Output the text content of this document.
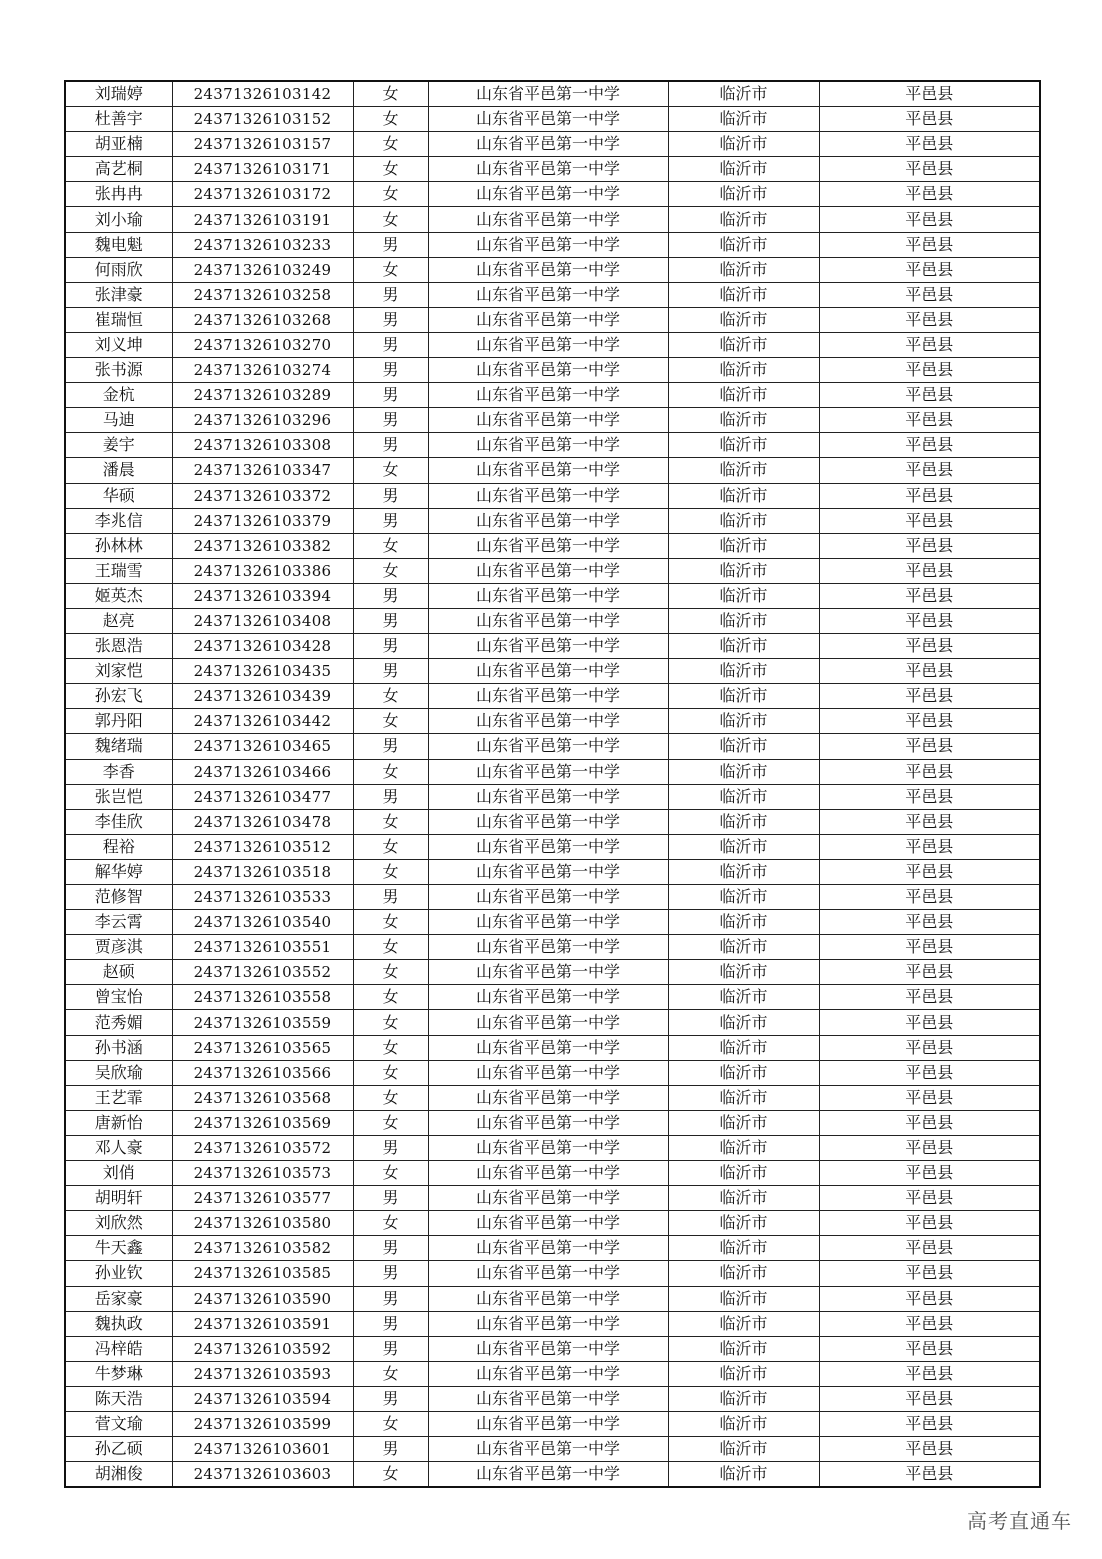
刘瑞婷	24371326103142	女	山东省平邑第一中学	临沂市	平邑县
杜善宇	24371326103152	女	山东省平邑第一中学	临沂市	平邑县
胡亚楠	24371326103157	女	山东省平邑第一中学	临沂市	平邑县
高艺桐	24371326103171	女	山东省平邑第一中学	临沂市	平邑县
张冉冉	24371326103172	女	山东省平邑第一中学	临沂市	平邑县
刘小瑜	24371326103191	女	山东省平邑第一中学	临沂市	平邑县
魏电魁	24371326103233	男	山东省平邑第一中学	临沂市	平邑县
何雨欣	24371326103249	女	山东省平邑第一中学	临沂市	平邑县
张津豪	24371326103258	男	山东省平邑第一中学	临沂市	平邑县
崔瑞恒	24371326103268	男	山东省平邑第一中学	临沂市	平邑县
刘义坤	24371326103270	男	山东省平邑第一中学	临沂市	平邑县
张书源	24371326103274	男	山东省平邑第一中学	临沂市	平邑县
金杭	24371326103289	男	山东省平邑第一中学	临沂市	平邑县
马迪	24371326103296	男	山东省平邑第一中学	临沂市	平邑县
姜宇	24371326103308	男	山东省平邑第一中学	临沂市	平邑县
潘晨	24371326103347	女	山东省平邑第一中学	临沂市	平邑县
华硕	24371326103372	男	山东省平邑第一中学	临沂市	平邑县
李兆信	24371326103379	男	山东省平邑第一中学	临沂市	平邑县
孙林林	24371326103382	女	山东省平邑第一中学	临沂市	平邑县
王瑞雪	24371326103386	女	山东省平邑第一中学	临沂市	平邑县
姬英杰	24371326103394	男	山东省平邑第一中学	临沂市	平邑县
赵亮	24371326103408	男	山东省平邑第一中学	临沂市	平邑县
张恩浩	24371326103428	男	山东省平邑第一中学	临沂市	平邑县
刘家恺	24371326103435	男	山东省平邑第一中学	临沂市	平邑县
孙宏飞	24371326103439	女	山东省平邑第一中学	临沂市	平邑县
郭丹阳	24371326103442	女	山东省平邑第一中学	临沂市	平邑县
魏绪瑞	24371326103465	男	山东省平邑第一中学	临沂市	平邑县
李香	24371326103466	女	山东省平邑第一中学	临沂市	平邑县
张岂恺	24371326103477	男	山东省平邑第一中学	临沂市	平邑县
李佳欣	24371326103478	女	山东省平邑第一中学	临沂市	平邑县
程裕	24371326103512	女	山东省平邑第一中学	临沂市	平邑县
解华婷	24371326103518	女	山东省平邑第一中学	临沂市	平邑县
范修智	24371326103533	男	山东省平邑第一中学	临沂市	平邑县
李云霄	24371326103540	女	山东省平邑第一中学	临沂市	平邑县
贾彦淇	24371326103551	女	山东省平邑第一中学	临沂市	平邑县
赵硕	24371326103552	女	山东省平邑第一中学	临沂市	平邑县
曾宝怡	24371326103558	女	山东省平邑第一中学	临沂市	平邑县
范秀媚	24371326103559	女	山东省平邑第一中学	临沂市	平邑县
孙书涵	24371326103565	女	山东省平邑第一中学	临沂市	平邑县
吴欣瑜	24371326103566	女	山东省平邑第一中学	临沂市	平邑县
王艺霏	24371326103568	女	山东省平邑第一中学	临沂市	平邑县
唐新怡	24371326103569	女	山东省平邑第一中学	临沂市	平邑县
邓人豪	24371326103572	男	山东省平邑第一中学	临沂市	平邑县
刘俏	24371326103573	女	山东省平邑第一中学	临沂市	平邑县
胡明轩	24371326103577	男	山东省平邑第一中学	临沂市	平邑县
刘欣然	24371326103580	女	山东省平邑第一中学	临沂市	平邑县
牛天鑫	24371326103582	男	山东省平邑第一中学	临沂市	平邑县
孙业钦	24371326103585	男	山东省平邑第一中学	临沂市	平邑县
岳家豪	24371326103590	男	山东省平邑第一中学	临沂市	平邑县
魏执政	24371326103591	男	山东省平邑第一中学	临沂市	平邑县
冯梓皓	24371326103592	男	山东省平邑第一中学	临沂市	平邑县
牛梦琳	24371326103593	女	山东省平邑第一中学	临沂市	平邑县
陈天浩	24371326103594	男	山东省平邑第一中学	临沂市	平邑县
菅文瑜	24371326103599	女	山东省平邑第一中学	临沂市	平邑县
孙乙硕	24371326103601	男	山东省平邑第一中学	临沂市	平邑县
胡湘俊	24371326103603	女	山东省平邑第一中学	临沂市	平邑县
高考直通车
